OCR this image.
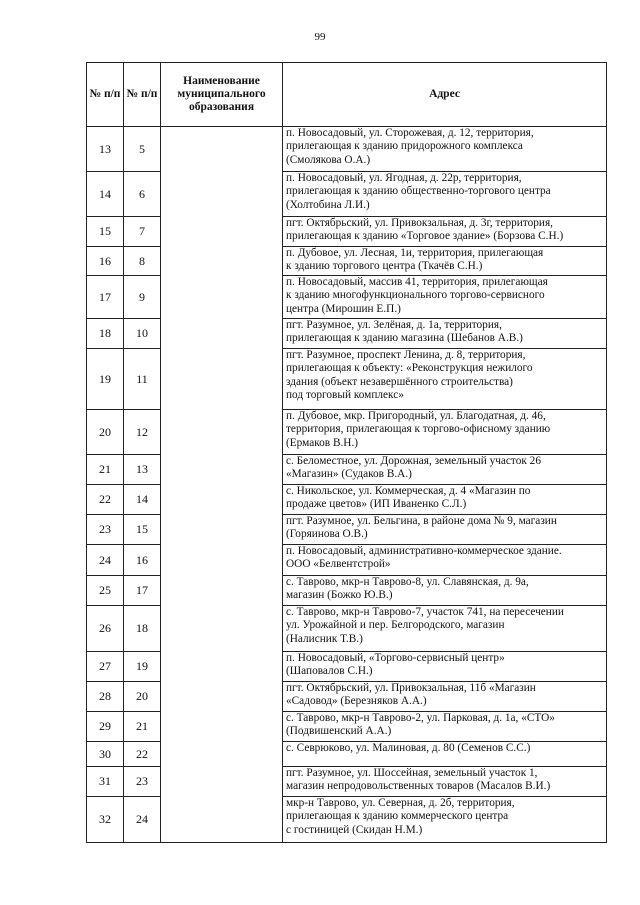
99
№ п/п	№ п/п	Наименование муниципального образования	Адрес
13	5		п. Новосадовый, ул. Сторожевая, д. 12, территория,
прилегающая к зданию придорожного комплекса
(Смолякова О.А.)

14	6		п. Новосадовый, ул. Ягодная, д. 22р, территория,
прилегающая к зданию общественно-торгового центра
(Холтобина Л.И.)

15	7		пгт. Октябрьский, ул. Привокзальная, д. 3г, территория,
прилегающая к зданию «Торговое здание» (Борзова С.Н.)

16	8		п. Дубовое, ул. Лесная, 1и, территория, прилегающая
к зданию торгового центра (Ткачёв С.Н.)

17	9		п. Новосадовый, массив 41, территория, прилегающая
к зданию многофункционального торгово-сервисного
центра (Мирошин Е.П.)

18	10		пгт. Разумное, ул. Зелёная, д. 1а, территория,
прилегающая к зданию магазина (Шебанов А.В.)

19	11		пгт. Разумное, проспект Ленина, д. 8, территория,
прилегающая к объекту: «Реконструкция нежилого
здания (объект незавершённого строительства)
под торговый комплекс»

20	12		п. Дубовое, мкр. Пригородный, ул. Благодатная, д. 46,
территория, прилегающая к торгово-офисному зданию
(Ермаков В.Н.)

21	13		с. Беломестное, ул. Дорожная, земельный участок 26
«Магазин» (Судаков В.А.)

22	14		с. Никольское, ул. Коммерческая, д. 4 «Магазин по
продаже цветов» (ИП Иваненко С.Л.)

23	15		пгт. Разумное, ул. Бельгина, в районе дома № 9, магазин
(Горяинова О.В.)

24	16		п. Новосадовый, административно-коммерческое здание.
ООО «Белвентстрой»

25	17		с. Таврово, мкр-н Таврово-8, ул. Славянская, д. 9а,
магазин (Божко Ю.В.)

26	18		с. Таврово, мкр-н Таврово-7, участок 741, на пересечении
ул. Урожайной и пер. Белгородского, магазин
(Налисник Т.В.)

27	19		п. Новосадовый, «Торгово-сервисный центр»
(Шаповалов С.Н.)

28	20		пгт. Октябрьский, ул. Привокзальная, 11б «Магазин
«Садовод» (Березняков А.А.)

29	21		с. Таврово, мкр-н Таврово-2, ул. Парковая, д. 1а, «СТО»
(Подвишенский А.А.)

30	22		с. Севрюково, ул. Малиновая, д. 80 (Семенов С.С.)

31	23		пгт. Разумное, ул. Шоссейная, земельный участок 1,
магазин непродовольственных товаров (Масалов В.И.)

32	24		мкр-н Таврово, ул. Северная, д. 2б, территория,
прилегающая к зданию коммерческого центра
с гостиницей (Скидан Н.М.)
